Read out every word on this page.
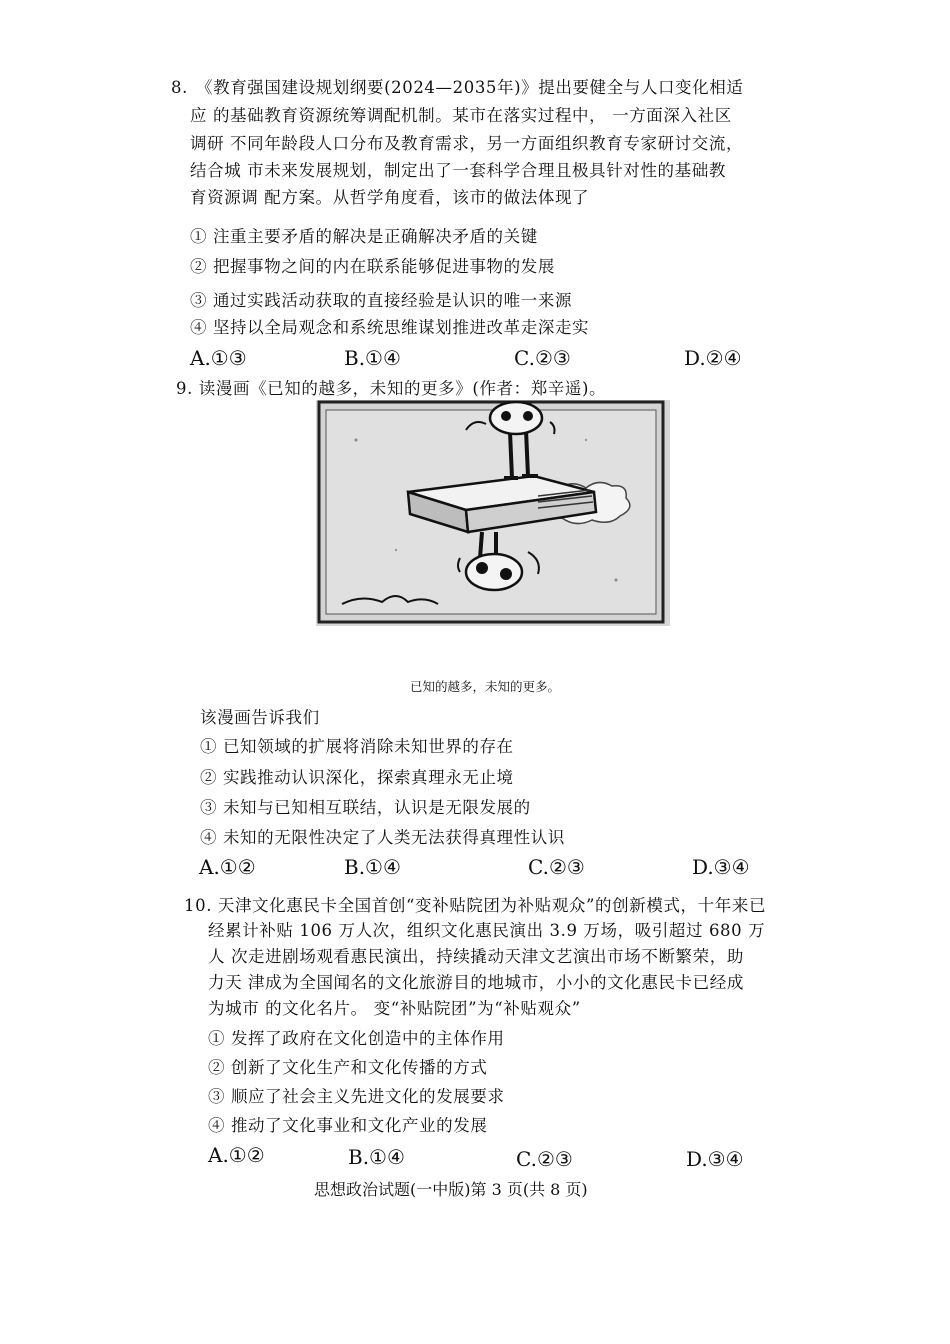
8. 《教育强国建设规划纲要(2024—2035年)》提出要健全与人口变化相适
应 的基础教育资源统筹调配机制。某市在落实过程中， 一方面深入社区
调研 不同年龄段人口分布及教育需求，另一方面组织教育专家研讨交流，
结合城 市未来发展规划，制定出了一套科学合理且极具针对性的基础教
育资源调 配方案。从哲学角度看，该市的做法体现了
① 注重主要矛盾的解决是正确解决矛盾的关键
② 把握事物之间的内在联系能够促进事物的发展
③ 通过实践活动获取的直接经验是认识的唯一来源
④ 坚持以全局观念和系统思维谋划推进改革走深走实
A.①③	B.①④	C.②③	D.②④
9. 读漫画《已知的越多，未知的更多》(作者：郑辛遥)。
已知的越多，未知的更多。
该漫画告诉我们
① 已知领域的扩展将消除未知世界的存在
② 实践推动认识深化，探索真理永无止境
③ 未知与已知相互联结，认识是无限发展的
④ 未知的无限性决定了人类无法获得真理性认识
A.①②	B.①④	C.②③	D.③④
10. 天津文化惠民卡全国首创“变补贴院团为补贴观众”的创新模式，十年来已
经累计补贴 106 万人次，组织文化惠民演出 3.9 万场，吸引超过 680 万
人 次走进剧场观看惠民演出，持续撬动天津文艺演出市场不断繁荣，助
力天 津成为全国闻名的文化旅游目的地城市，小小的文化惠民卡已经成
为城市 的文化名片。 变“补贴院团”为“补贴观众”
① 发挥了政府在文化创造中的主体作用
② 创新了文化生产和文化传播的方式
③ 顺应了社会主义先进文化的发展要求
④ 推动了文化事业和文化产业的发展
A.①②	B.①④	C.②③	D.③④
思想政治试题(一中版)第 3 页(共 8 页)
